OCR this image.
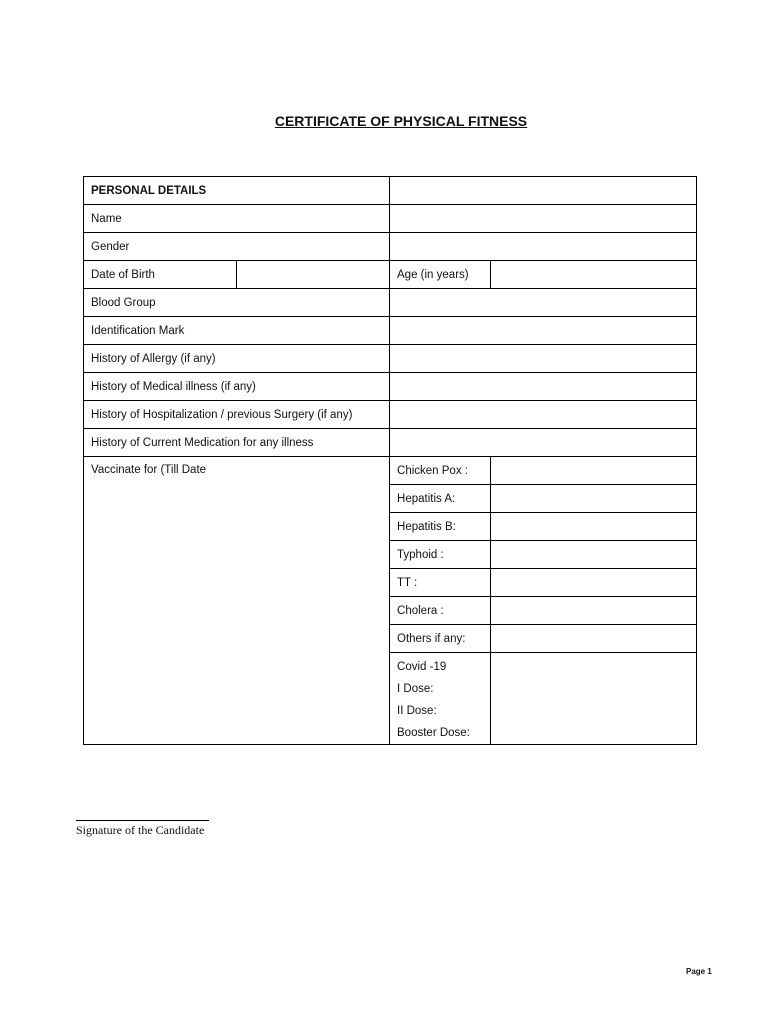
CERTIFICATE OF PHYSICAL FITNESS
PERSONAL DETAILS			
Name			
Gender			
Date of Birth		Age (in years)	
Blood Group			
Identification Mark			
History of Allergy (if any)			
History of Medical illness (if any)			
History of Hospitalization / previous Surgery (if any)			
History of Current Medication for any illness			
Vaccinate for (Till Date		Chicken Pox :	
		Hepatitis A:	
		Hepatitis B:	
		Typhoid :	
		TT :	
		Cholera :	
		Others if any:	

		Covid -19
I Dose:
II Dose:
Booster Dose:	

Signature of the Candidate
Page 1
